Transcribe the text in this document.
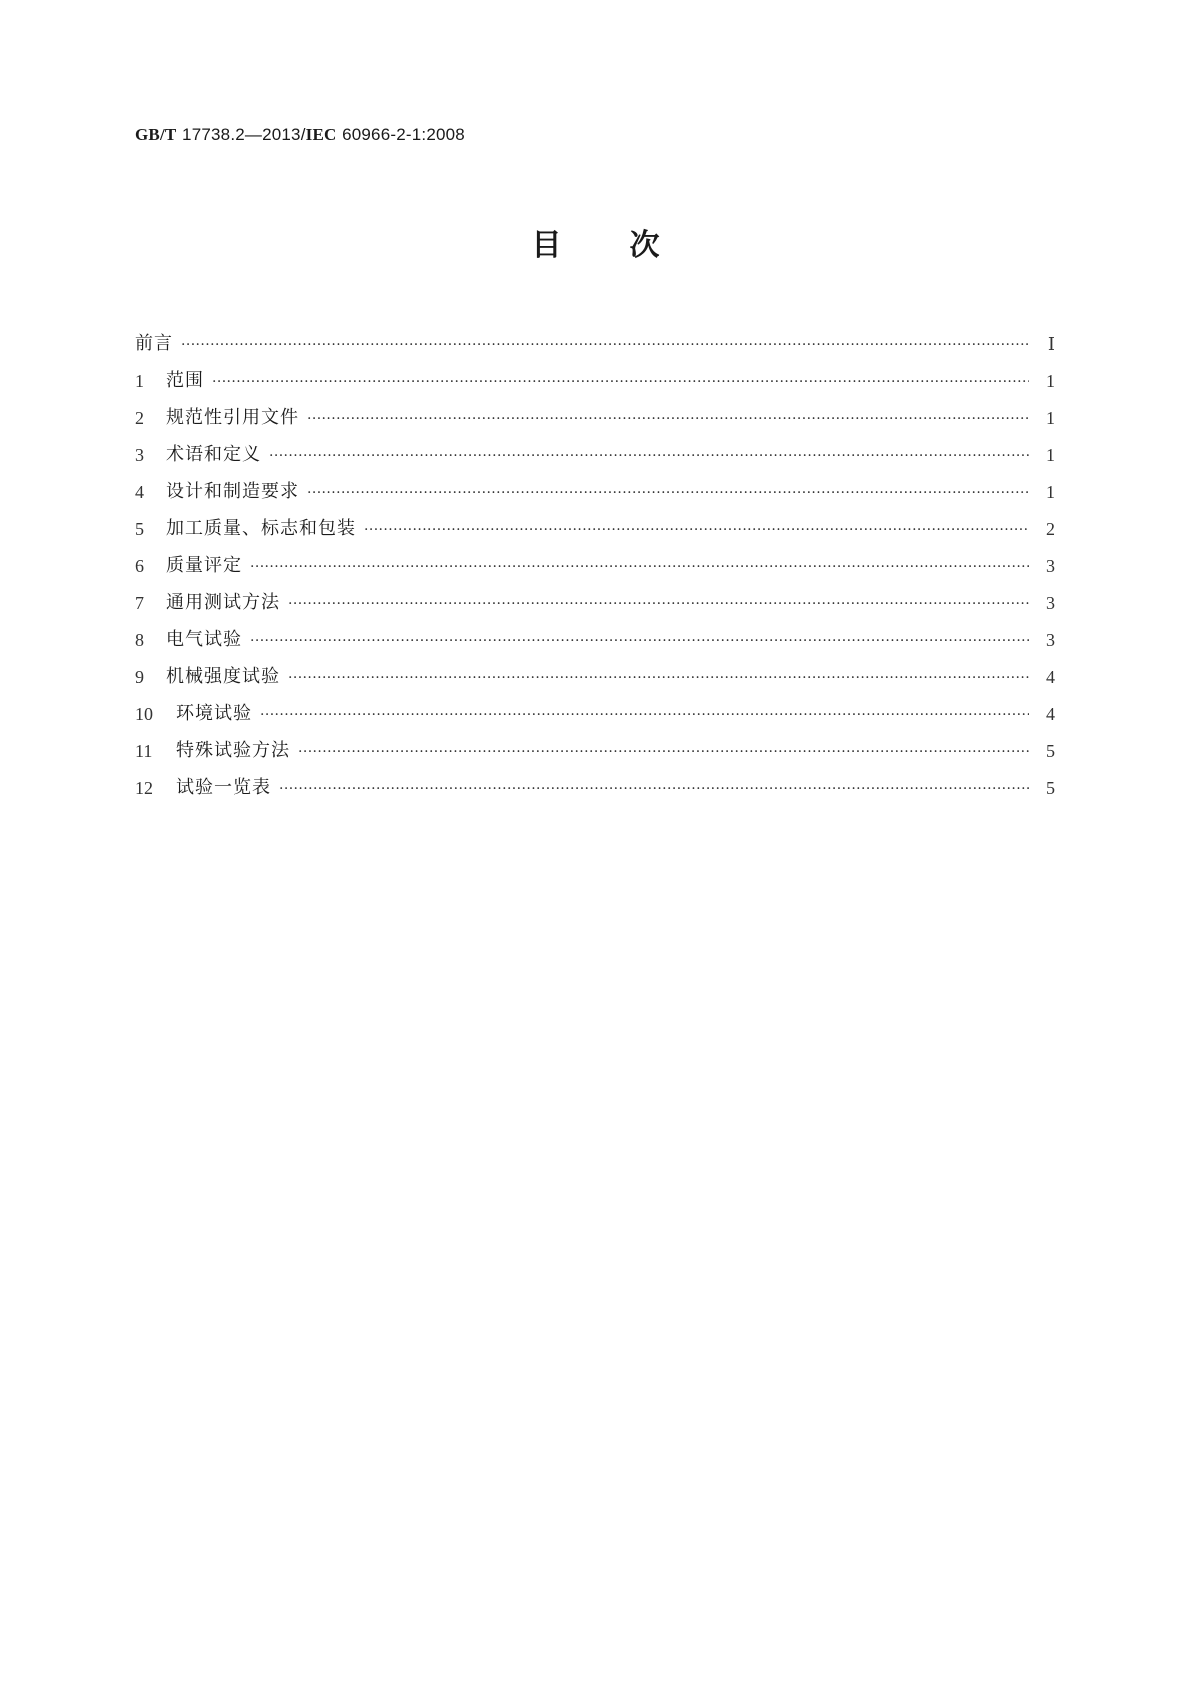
GB/T 17738.2—2013/IEC 60966-2-1:2008
目次
前言 ·····	Ⅰ
1	范围 ·····	1
2	规范性引用文件 ·····	1
3	术语和定义 ·····	1
4	设计和制造要求 ·····	1
5	加工质量、标志和包装 ·····	2
6	质量评定 ·····	3
7	通用测试方法 ·····	3
8	电气试验 ·····	3
9	机械强度试验 ·····	4
10	环境试验 ·····	4
11	特殊试验方法 ·····	5
12	试验一览表 ·····	5
